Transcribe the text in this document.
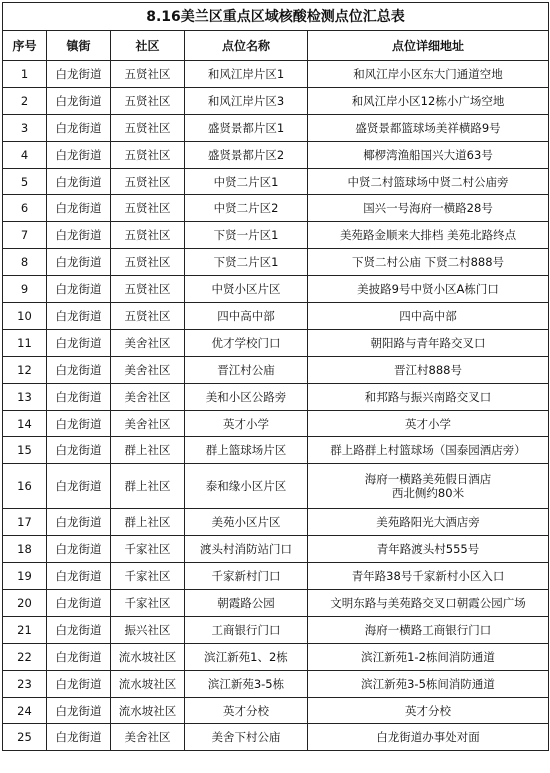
8.16美兰区重点区域核酸检测点位汇总表				
序号	镇街	社区	点位名称	点位详细地址
1	白龙街道	五贤社区	和风江岸片区1	和风江岸小区东大门通道空地
2	白龙街道	五贤社区	和风江岸片区3	和风江岸小区12栋小广场空地
3	白龙街道	五贤社区	盛贤景都片区1	盛贤景都篮球场美祥横路9号
4	白龙街道	五贤社区	盛贤景都片区2	椰椤湾渔船国兴大道63号
5	白龙街道	五贤社区	中贤二片区1	中贤二村篮球场中贤二村公庙旁
6	白龙街道	五贤社区	中贤二片区2	国兴一号海府一横路28号
7	白龙街道	五贤社区	下贤一片区1	美苑路金顺来大排档 美苑北路终点
8	白龙街道	五贤社区	下贤二片区1	下贤二村公庙 下贤二村888号
9	白龙街道	五贤社区	中贤小区片区	美披路9号中贤小区A栋门口
10	白龙街道	五贤社区	四中高中部	四中高中部
11	白龙街道	美舍社区	优才学校门口	朝阳路与青年路交叉口
12	白龙街道	美舍社区	晋江村公庙	晋江村888号
13	白龙街道	美舍社区	美和小区公路旁	和邦路与振兴南路交叉口
14	白龙街道	美舍社区	英才小学	英才小学
15	白龙街道	群上社区	群上篮球场片区	群上路群上村篮球场（国泰园酒店旁）
16	白龙街道	群上社区	泰和缘小区片区	海府一横路美苑假日酒店
西北侧约80米
17	白龙街道	群上社区	美苑小区片区	美苑路阳光大酒店旁
18	白龙街道	千家社区	渡头村消防站门口	青年路渡头村555号
19	白龙街道	千家社区	千家新村门口	青年路38号千家新村小区入口
20	白龙街道	千家社区	朝霞路公园	文明东路与美苑路交叉口朝霞公园广场
21	白龙街道	振兴社区	工商银行门口	海府一横路工商银行门口
22	白龙街道	流水坡社区	滨江新苑1、2栋	滨江新苑1-2栋间消防通道
23	白龙街道	流水坡社区	滨江新苑3-5栋	滨江新苑3-5栋间消防通道
24	白龙街道	流水坡社区	英才分校	英才分校
25	白龙街道	美舍社区	美舍下村公庙	白龙街道办事处对面
